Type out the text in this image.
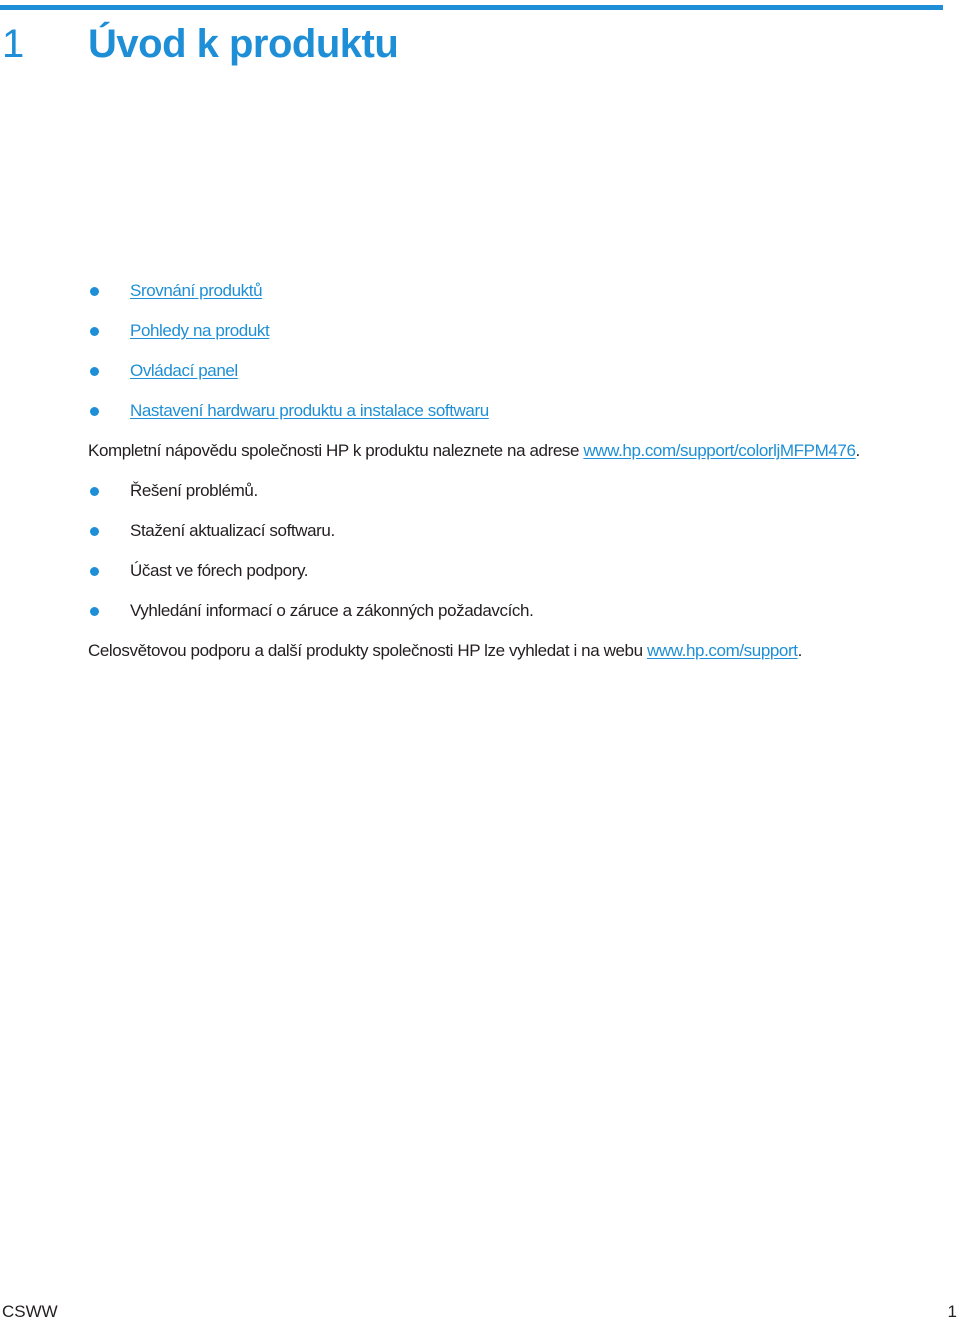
1 Úvod k produktu
Srovnání produktů
Pohledy na produkt
Ovládací panel
Nastavení hardwaru produktu a instalace softwaru
Kompletní nápovědu společnosti HP k produktu naleznete na adrese www.hp.com/support/colorljMFPM476.
Řešení problémů.
Stažení aktualizací softwaru.
Účast ve fórech podpory.
Vyhledání informací o záruce a zákonných požadavcích.
Celosvětovou podporu a další produkty společnosti HP lze vyhledat i na webu www.hp.com/support.
CSWW	1
